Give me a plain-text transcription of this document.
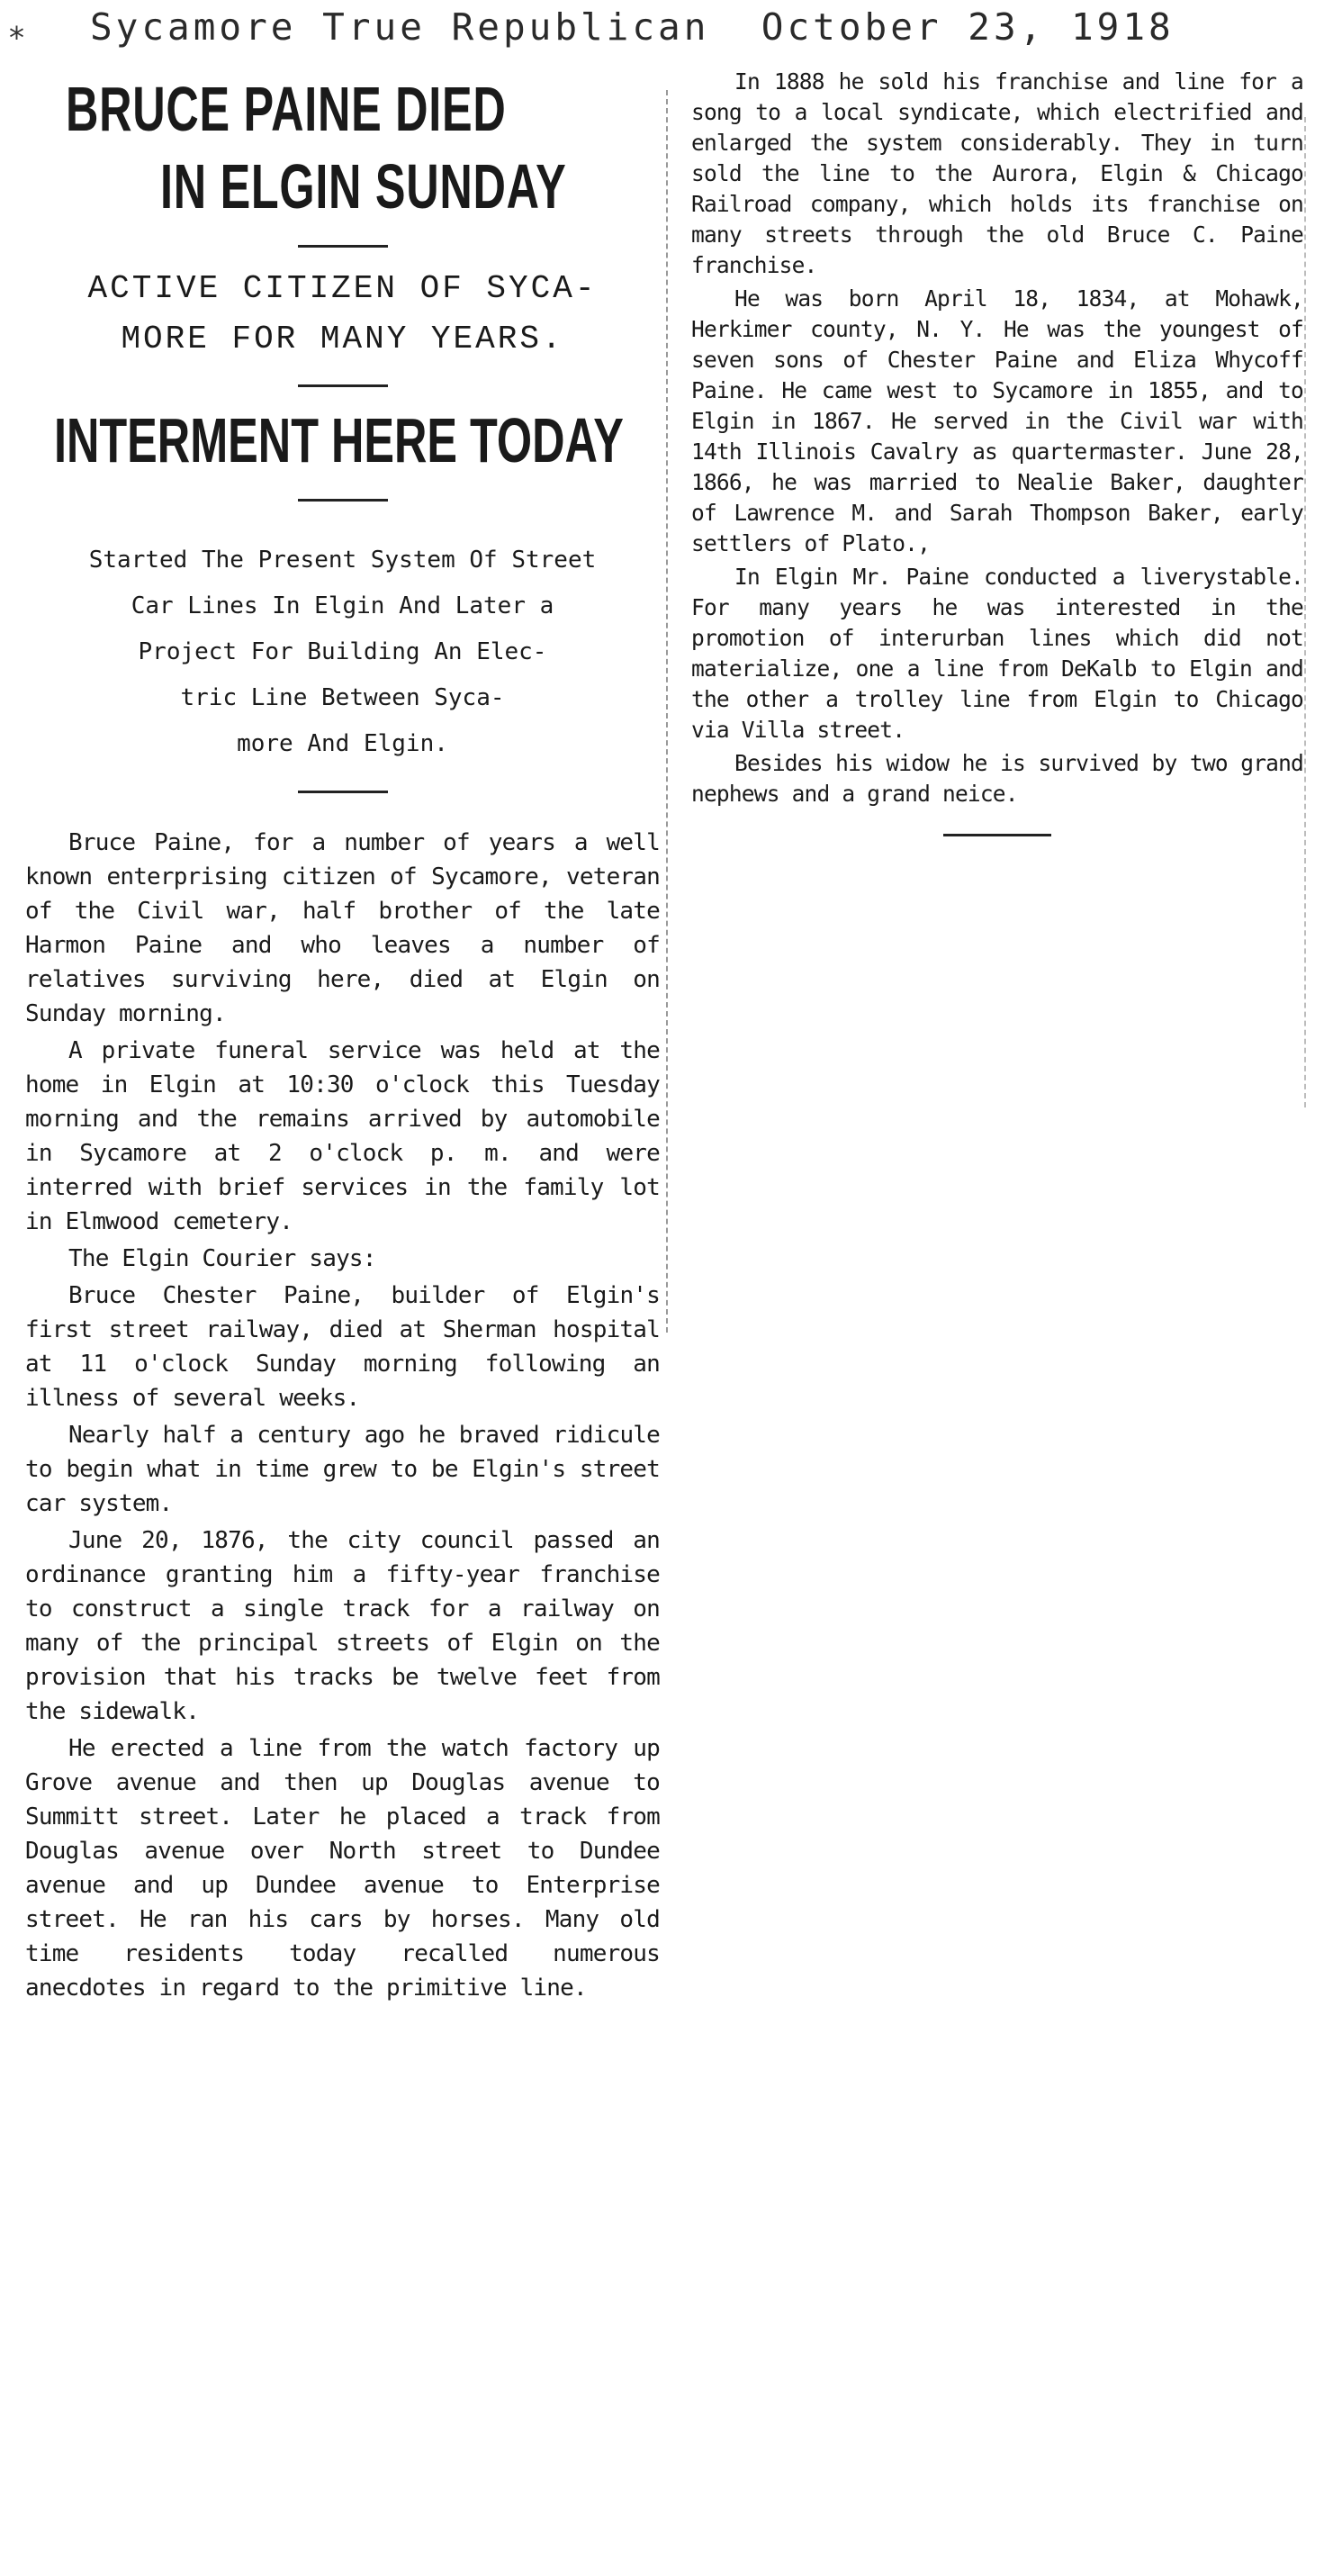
⁎ Sycamore True Republican  October 23, 1918
BRUCE PAINE DIED
IN ELGIN SUNDAY
ACTIVE CITIZEN OF SYCA-
MORE FOR MANY YEARS.
INTERMENT HERE TODAY
Started The Present System Of Street
Car Lines In Elgin And Later a
Project For Building An Elec-
tric Line Between Syca-
more And Elgin.

Bruce Paine, for a number of years a well known enterprising citizen of Sycamore, veteran of the Civil war, half brother of the late Harmon Paine and who leaves a number of relatives surviving here, died at Elgin on Sunday morning.

A private funeral service was held at the home in Elgin at 10:30 o'clock this Tuesday morning and the remains arrived by automobile in Sycamore at 2 o'clock p. m. and were interred with brief services in the family lot in Elmwood cemetery.

The Elgin Courier says:

Bruce Chester Paine, builder of Elgin's first street railway, died at Sherman hospital at 11 o'clock Sunday morning following an illness of several weeks.

Nearly half a century ago he braved ridicule to begin what in time grew to be Elgin's street car system.

June 20, 1876, the city council passed an ordinance granting him a fifty-year franchise to construct a single track for a railway on many of the principal streets of Elgin on the provision that his tracks be twelve feet from the sidewalk.

He erected a line from the watch factory up Grove avenue and then up Douglas avenue to Summitt street. Later he placed a track from Douglas avenue over North street to Dundee avenue and up Dundee avenue to Enterprise street. He ran his cars by horses. Many old time residents today recalled numerous anecdotes in regard to the primitive line.

In 1888 he sold his franchise and line for a song to a local syndicate, which electrified and enlarged the system considerably. They in turn sold the line to the Aurora, Elgin & Chicago Railroad company, which holds its franchise on many streets through the old Bruce C. Paine franchise.

He was born April 18, 1834, at Mohawk, Herkimer county, N. Y. He was the youngest of seven sons of Chester Paine and Eliza Whycoff Paine. He came west to Sycamore in 1855, and to Elgin in 1867. He served in the Civil war with 14th Illinois Cavalry as quartermaster. June 28, 1866, he was married to Nealie Baker, daughter of Lawrence M. and Sarah Thompson Baker, early settlers of Plato.,

In Elgin Mr. Paine conducted a liverystable. For many years he was interested in the promotion of interurban lines which did not materialize, one a line from DeKalb to Elgin and the other a trolley line from Elgin to Chicago via Villa street.

Besides his widow he is survived by two grand nephews and a grand neice.
